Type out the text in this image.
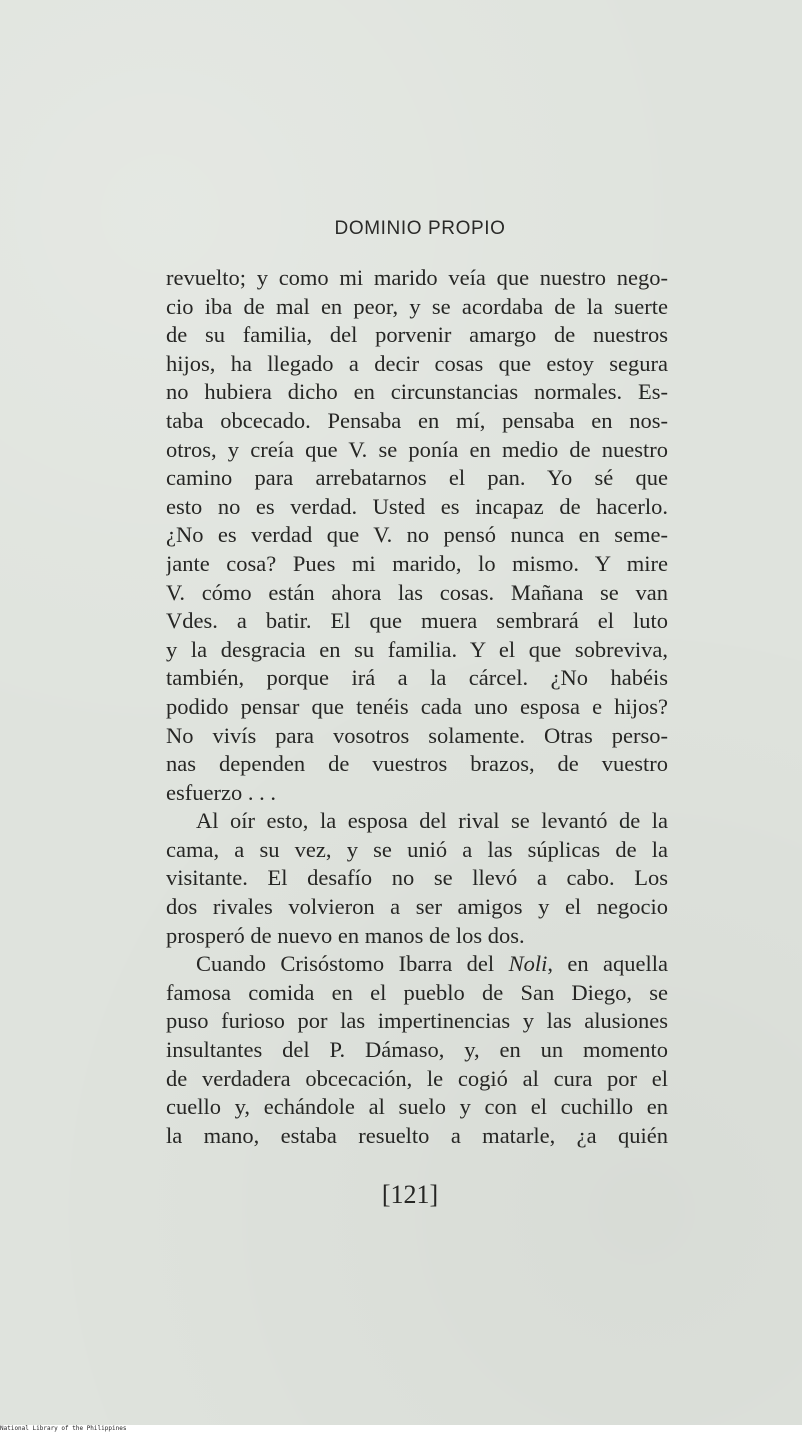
DOMINIO PROPIO
revuelto; y como mi marido veía que nuestro nego-
cio iba de mal en peor, y se acordaba de la suerte
de su familia, del porvenir amargo de nuestros
hijos, ha llegado a decir cosas que estoy segura
no hubiera dicho en circunstancias normales. Es-
taba obcecado. Pensaba en mí, pensaba en nos-
otros, y creía que V. se ponía en medio de nuestro
camino para arrebatarnos el pan. Yo sé que
esto no es verdad. Usted es incapaz de hacerlo.
¿No es verdad que V. no pensó nunca en seme-
jante cosa? Pues mi marido, lo mismo. Y mire
V. cómo están ahora las cosas. Mañana se van
Vdes. a batir. El que muera sembrará el luto
y la desgracia en su familia. Y el que sobreviva,
también, porque irá a la cárcel. ¿No habéis
podido pensar que tenéis cada uno esposa e hijos?
No vivís para vosotros solamente. Otras perso-
nas dependen de vuestros brazos, de vuestro
esfuerzo . . .
Al oír esto, la esposa del rival se levantó de la
cama, a su vez, y se unió a las súplicas de la
visitante. El desafío no se llevó a cabo. Los
dos rivales volvieron a ser amigos y el negocio
prosperó de nuevo en manos de los dos.
Cuando Crisóstomo Ibarra del Noli, en aquella
famosa comida en el pueblo de San Diego, se
puso furioso por las impertinencias y las alusiones
insultantes del P. Dámaso, y, en un momento
de verdadera obcecación, le cogió al cura por el
cuello y, echándole al suelo y con el cuchillo en
la mano, estaba resuelto a matarle, ¿a quién
[121]
National Library of the Philippines
